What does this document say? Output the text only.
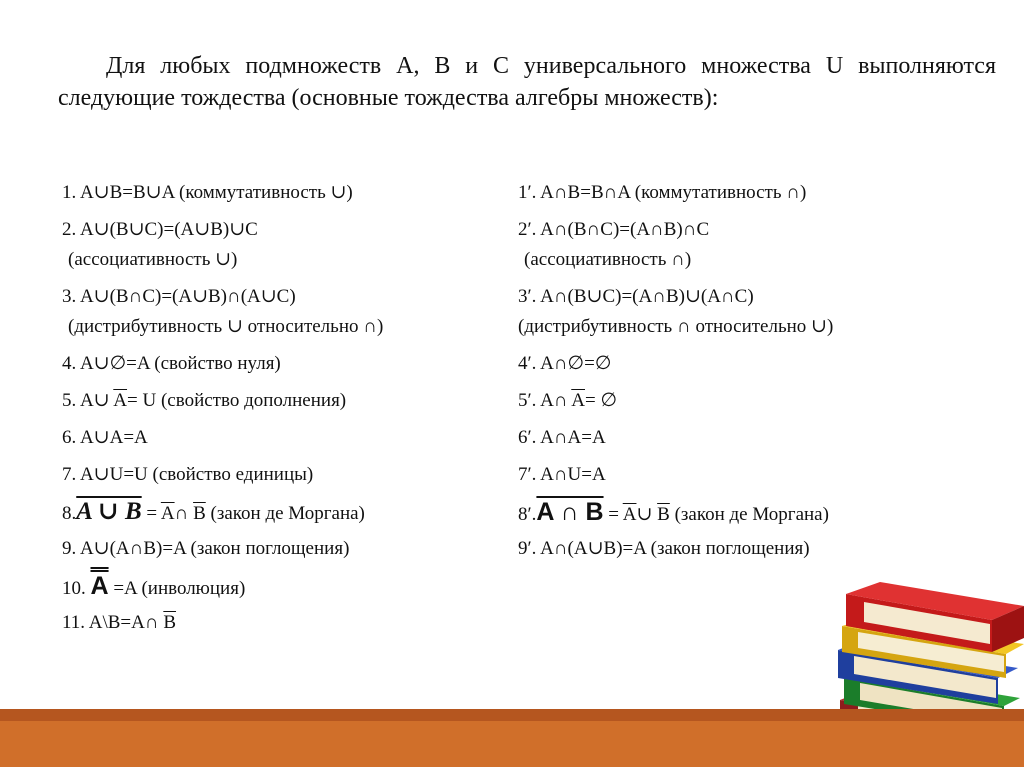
Для любых подмножеств A, B и C универсального множества U выполняются следующие тождества (основные тождества алгебры множеств):
1. A∪B=B∪A (коммутативность ∪)
2. A∪(B∪C)=(A∪B)∪C
(ассоциативность ∪)
3. A∪(B∩C)=(A∪B)∩(A∪C)
(дистрибутивность ∪ относительно ∩)
4. A∪∅=A (свойство нуля)
5. A∪ $\overline{A}= U$ (свойство дополнения)
6. A∪A=A
7. A∪U=U (свойство единицы)
8.A ∪ $B = \overline{A}\cap$ $\overline{B}$ (закон де Моргана)
9. A∪(A∩B)=A (закон поглощения)
10. A =A (инволюция)
11. A\B=A∩ $\overline{B}$
1′. A∩B=B∩A (коммутативность ∩)
2′. A∩(B∩C)=(A∩B)∩C
(ассоциативность ∩)
3′. A∩(B∪C)=(A∩B)∪(A∩C)
(дистрибутивность ∩ относительно ∪)
4′. A∩∅=∅
5′. A∩ $\overline{A}=$ ∅
6′. A∩A=A
7′. A∩U=A
8′.A ∩ $B = \overline{A}\cup$ $\overline{B}$ (закон де Моргана)
9′. A∩(A∪B)=A (закон поглощения)
